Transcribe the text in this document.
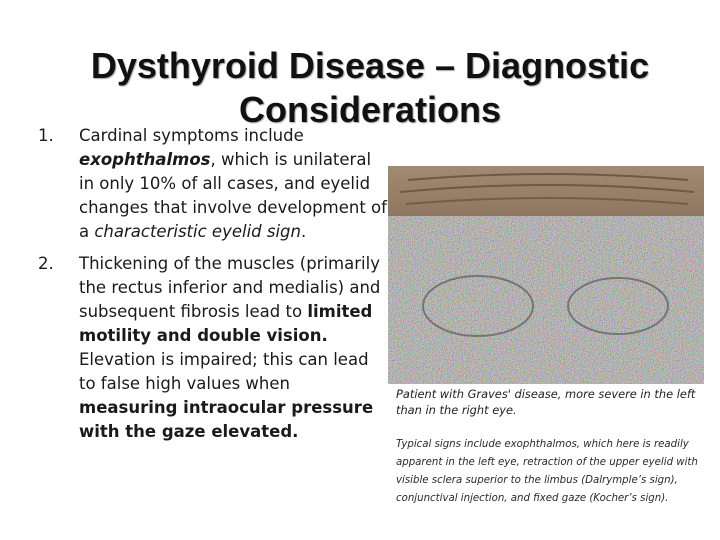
Dysthyroid Disease – Diagnostic
Considerations
1.	Cardinal symptoms include exophthalmos, which is unilateral in only 10% of all cases, and eyelid changes that involve development of a characteristic eyelid sign.
2.	Thickening of the muscles (primarily the rectus inferior and medialis) and subsequent fibrosis lead to limited motility and double vision. Elevation is impaired; this can lead to false high values when measuring intraocular pressure with the gaze elevated.
Patient with Graves' disease, more severe in the left than in the right eye.
Typical signs include exophthalmos, which here is readily apparent in the left eye, retraction of the upper eyelid with visible sclera superior to the limbus (Dalrymple’s sign), conjunctival injection, and fixed gaze (Kocher’s sign).
